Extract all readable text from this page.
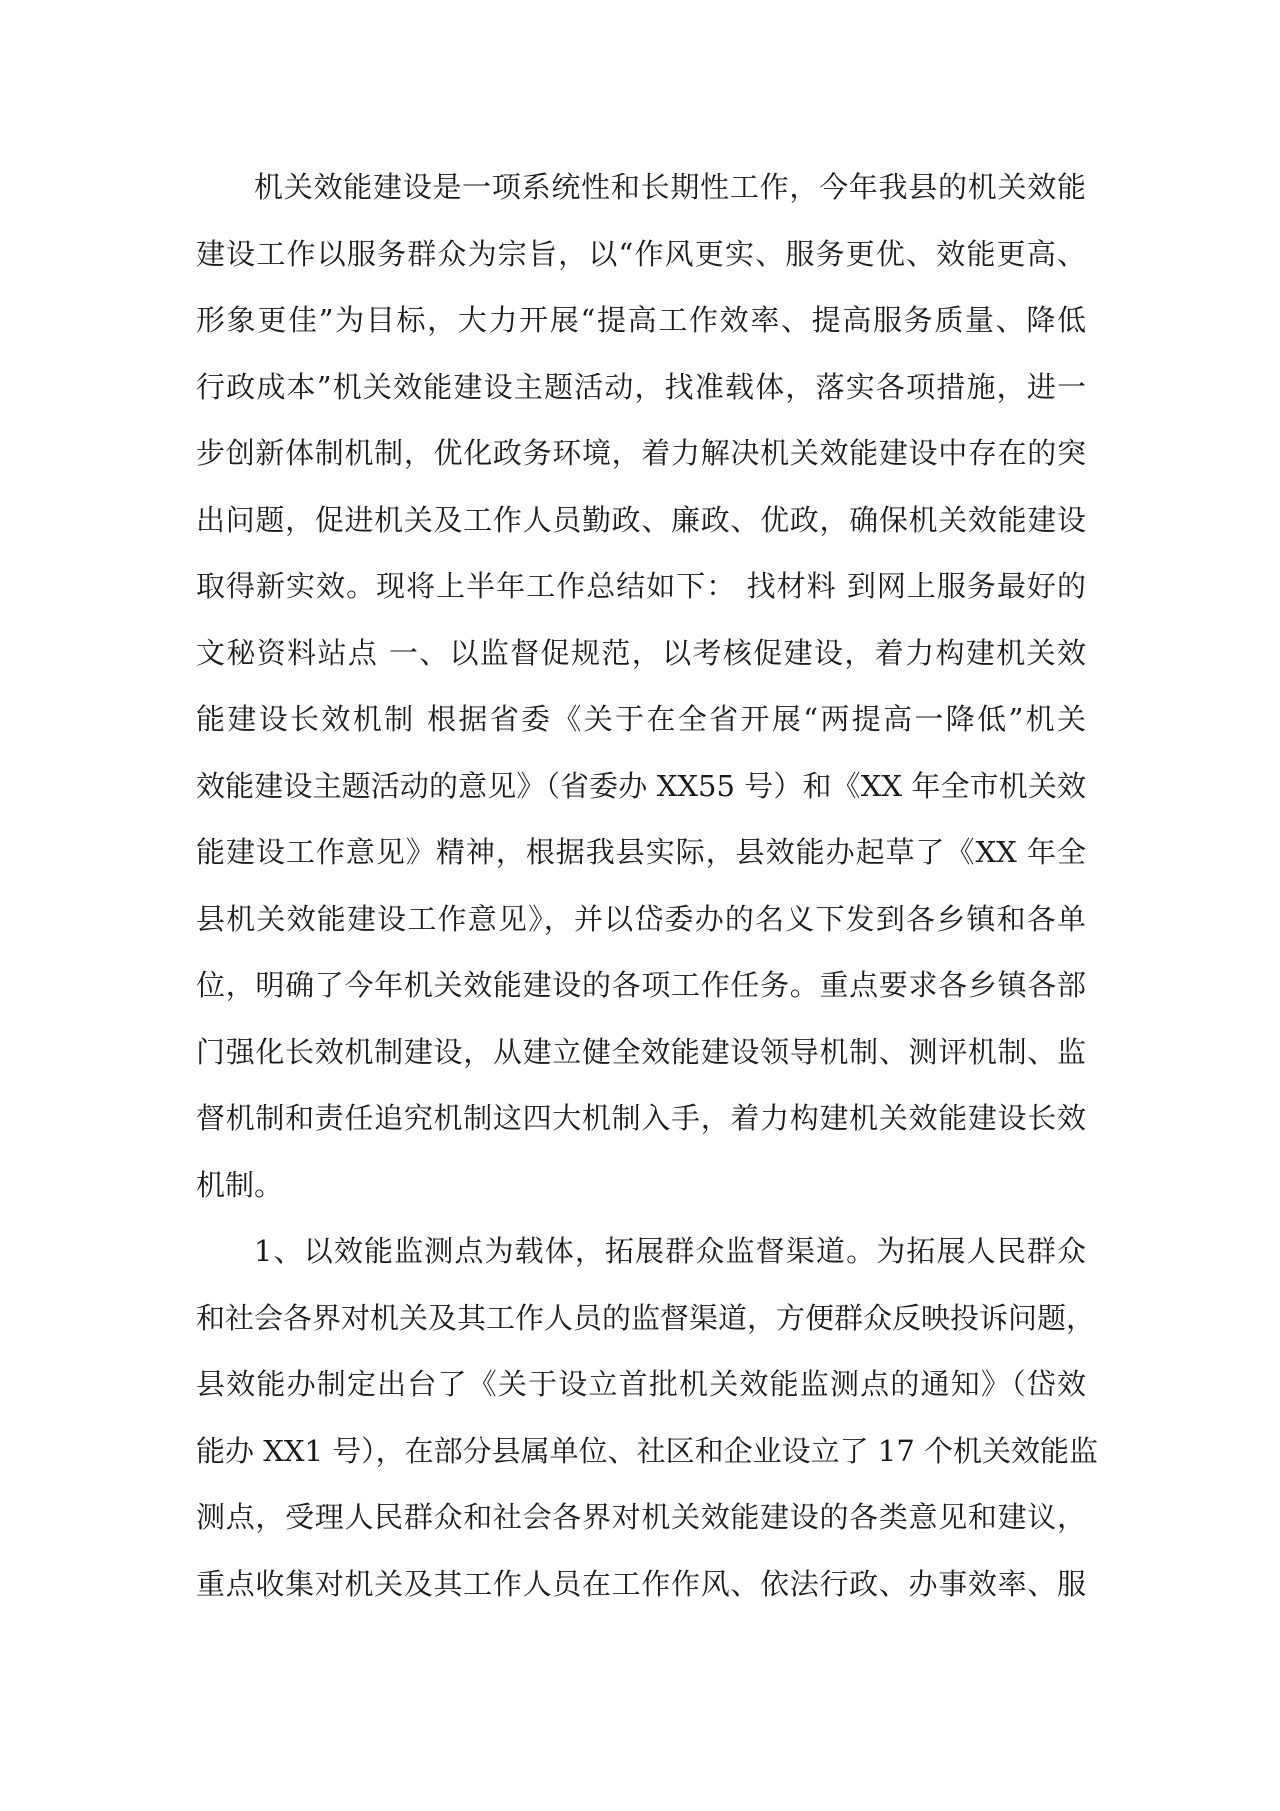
机关效能建设是一项系统性和长期性工作，今年我县的机关效能
建设工作以服务群众为宗旨，以“作风更实、服务更优、效能更高、
形象更佳”为目标，大力开展“提高工作效率、提高服务质量、降低
行政成本”机关效能建设主题活动，找准载体，落实各项措施，进一
步创新体制机制，优化政务环境，着力解决机关效能建设中存在的突
出问题，促进机关及工作人员勤政、廉政、优政，确保机关效能建设
取得新实效。现将上半年工作总结如下： 找材料 到网上服务最好的
文秘资料站点 一、以监督促规范，以考核促建设，着力构建机关效
能建设长效机制 根据省委《关于在全省开展“两提高一降低”机关
效能建设主题活动的意见》（省委办 XX55 号）和《XX 年全市机关效
能建设工作意见》精神，根据我县实际，县效能办起草了《XX 年全
县机关效能建设工作意见》，并以岱委办的名义下发到各乡镇和各单
位，明确了今年机关效能建设的各项工作任务。重点要求各乡镇各部
门强化长效机制建设，从建立健全效能建设领导机制、测评机制、监
督机制和责任追究机制这四大机制入手，着力构建机关效能建设长效
机制。
1、以效能监测点为载体，拓展群众监督渠道。为拓展人民群众
和社会各界对机关及其工作人员的监督渠道，方便群众反映投诉问题，
县效能办制定出台了《关于设立首批机关效能监测点的通知》（岱效
能办 XX1 号），在部分县属单位、社区和企业设立了 17 个机关效能监
测点，受理人民群众和社会各界对机关效能建设的各类意见和建议，
重点收集对机关及其工作人员在工作作风、依法行政、办事效率、服
